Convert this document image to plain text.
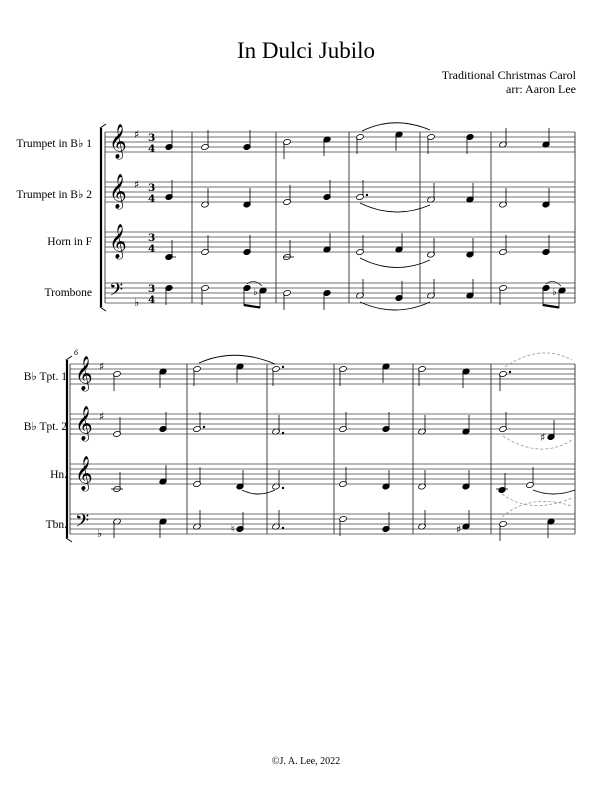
In Dulci Jubilo
Traditional Christmas Carol
arr: Aaron Lee
Trumpet in B♭ 1
Trumpet in B♭ 2
Horn in F
Trombone
B♭ Tpt. 1
B♭ Tpt. 2
Hn.
Tbn.
6
𝄞
𝄞
𝄞
𝄢
♯
♯
♭
3
4
3
4
3
4
3
4
𝄞
𝄞
𝄞
𝄢
♯
♯
♭
♭	♭
♯
♮	♯
©J. A. Lee, 2022
